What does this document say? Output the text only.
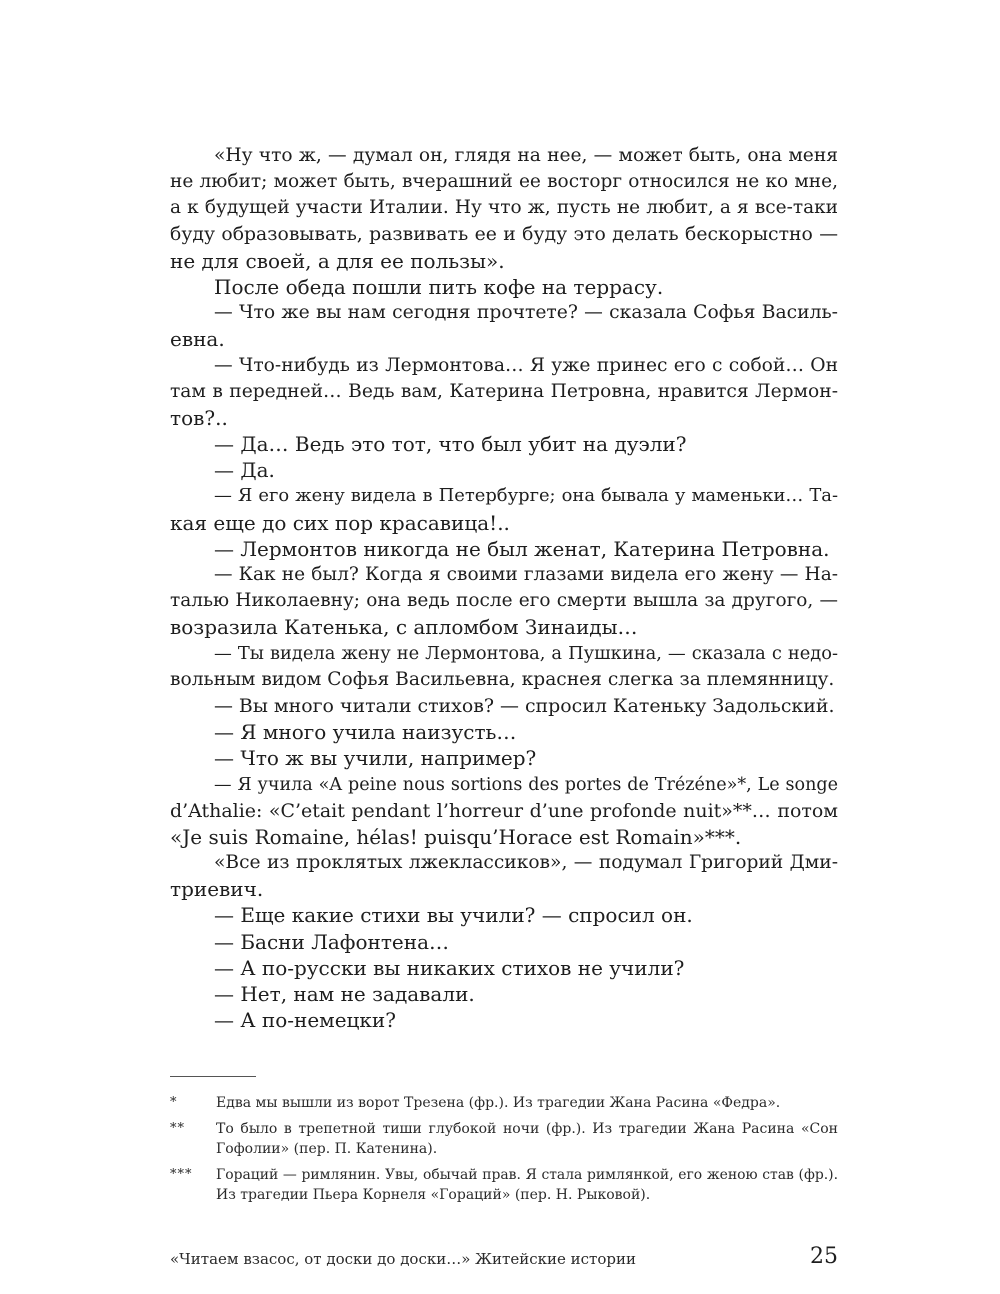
«Ну что ж, — думал он, глядя на нее, — может быть, она меня
не любит; может быть, вчерашний ее восторг относился не ко мне,
а к будущей участи Италии. Ну что ж, пусть не любит, а я все-таки
буду образовывать, развивать ее и буду это делать бескорыстно —
не для своей, а для ее пользы».
После обеда пошли пить кофе на террасу.
— Что же вы нам сегодня прочтете? — сказала Софья Василь-
евна.
— Что-нибудь из Лермонтова… Я уже принес его с собой… Он
там в передней… Ведь вам, Катерина Петровна, нравится Лермон-
тов?..
— Да… Ведь это тот, что был убит на дуэли?
— Да.
— Я его жену видела в Петербурге; она бывала у маменьки… Та-
кая еще до сих пор красавица!..
— Лермонтов никогда не был женат, Катерина Петровна.
— Как не был? Когда я своими глазами видела его жену — На-
талью Николаевну; она ведь после его смерти вышла за другого, —
возразила Катенька, с апломбом Зинаиды…
— Ты видела жену не Лермонтова, а Пушкина, — сказала с недо-
вольным видом Софья Васильевна, краснея слегка за племянницу.
— Вы много читали стихов? — спросил Катеньку Задольский.
— Я много учила наизусть…
— Что ж вы учили, например?
— Я учила «A peine nous sortions des portes de Trézéne»*, Le songe
d’Athalie: «C’etait pendant l’horreur d’une profonde nuit»**… потом
«Je suis Romaine, hélas! puisqu’Horace est Romain»***.
«Все из проклятых лжеклассиков», — подумал Григорий Дми-
триевич.
— Еще какие стихи вы учили? — спросил он.
— Басни Лафонтена…
— А по-русски вы никаких стихов не учили?
— Нет, нам не задавали.
— А по-немецки?
*	Едва мы вышли из ворот Трезена (фр.). Из трагедии Жана Расина «Федра».
**	То было в трепетной тиши глубокой ночи (фр.). Из трагедии Жана Расина «Сон
Гофолии» (пер. П. Катенина).
***	Гораций — римлянин. Увы, обычай прав. Я стала римлянкой, его женою став (фр.).
Из трагедии Пьера Корнеля «Гораций» (пер. Н. Рыковой).
«Читаем взасос, от доски до доски…» Житейские истории	25
